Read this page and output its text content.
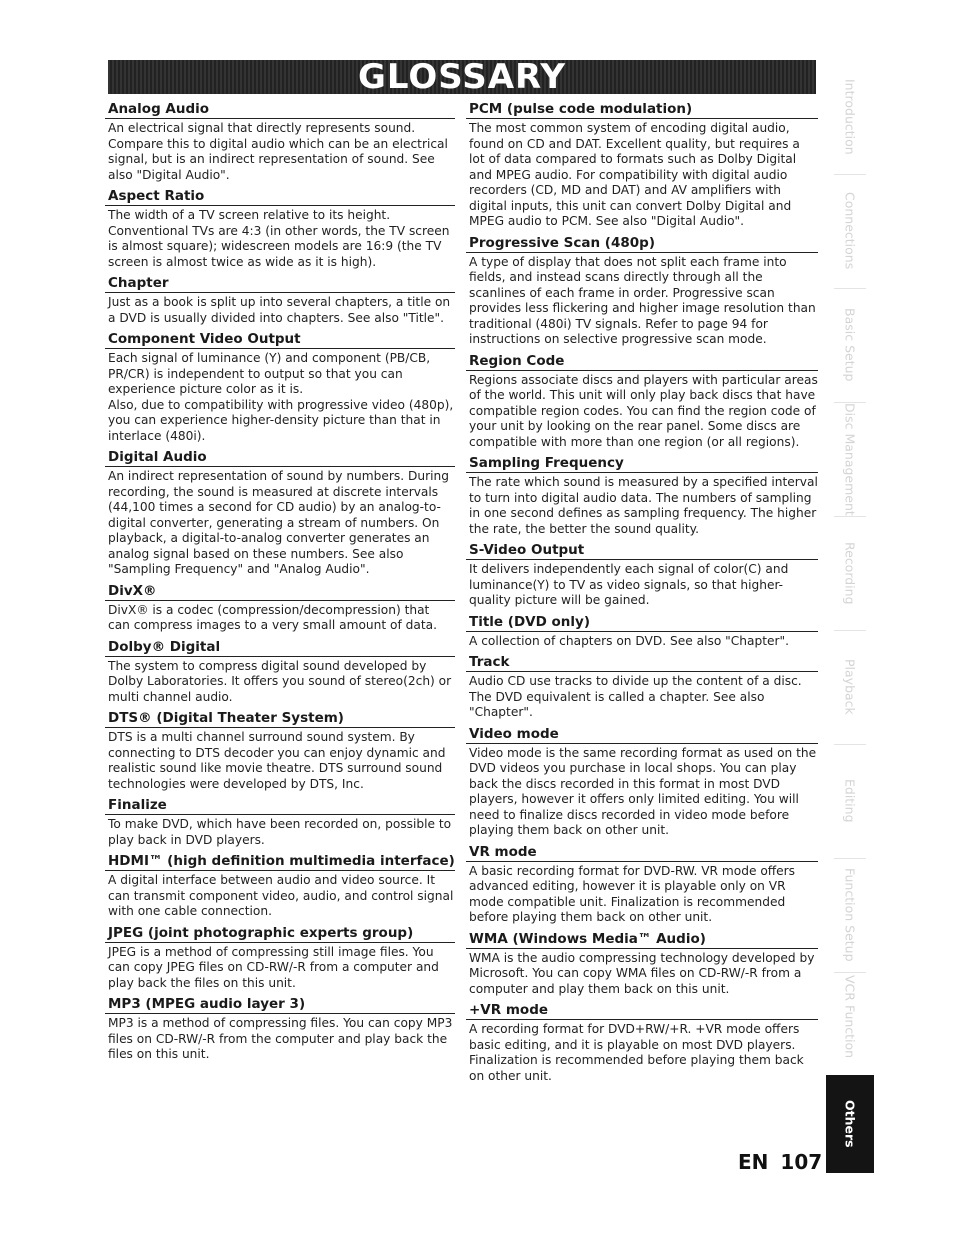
GLOSSARY
Analog Audio
An electrical signal that directly represents sound.
Compare this to digital audio which can be an electrical signal, but is an indirect representation of sound. See also "Digital Audio".
Aspect Ratio
The width of a TV screen relative to its height. Conventional TVs are 4:3 (in other words, the TV screen is almost square); widescreen models are 16:9 (the TV screen is almost twice as wide as it is high).
Chapter
Just as a book is split up into several chapters, a title on a DVD is usually divided into chapters. See also "Title".
Component Video Output
Each signal of luminance (Y) and component (PB/CB, PR/CR) is independent to output so that you can experience picture color as it is.
Also, due to compatibility with progressive video (480p), you can experience higher-density picture than that in interlace (480i).
Digital Audio
An indirect representation of sound by numbers. During recording, the sound is measured at discrete intervals (44,100 times a second for CD audio) by an analog-to-digital converter, generating a stream of numbers. On playback, a digital-to-analog converter generates an analog signal based on these numbers. See also "Sampling Frequency" and "Analog Audio".
DivX®
DivX® is a codec (compression/decompression) that can compress images to a very small amount of data.
Dolby® Digital
The system to compress digital sound developed by Dolby Laboratories. It offers you sound of stereo(2ch) or multi channel audio.
DTS® (Digital Theater System)
DTS is a multi channel surround sound system. By connecting to DTS decoder you can enjoy dynamic and realistic sound like movie theatre. DTS surround sound technologies were developed by DTS, Inc.
Finalize
To make DVD, which have been recorded on, possible to play back in DVD players.
HDMI™ (high definition multimedia interface)
A digital interface between audio and video source. It can transmit component video, audio, and control signal with one cable connection.
JPEG (joint photographic experts group)
JPEG is a method of compressing still image files. You can copy JPEG files on CD-RW/-R from a computer and play back the files on this unit.
MP3 (MPEG audio layer 3)
MP3 is a method of compressing files. You can copy MP3 files on CD-RW/-R from the computer and play back the files on this unit.
PCM (pulse code modulation)
The most common system of encoding digital audio, found on CD and DAT. Excellent quality, but requires a lot of data compared to formats such as Dolby Digital and MPEG audio. For compatibility with digital audio recorders (CD, MD and DAT) and AV amplifiers with digital inputs, this unit can convert Dolby Digital and MPEG audio to PCM. See also "Digital Audio".
Progressive Scan (480p)
A type of display that does not split each frame into fields, and instead scans directly through all the scanlines of each frame in order. Progressive scan provides less flickering and higher image resolution than traditional (480i) TV signals. Refer to page 94 for instructions on selective progressive scan mode.
Region Code
Regions associate discs and players with particular areas of the world. This unit will only play back discs that have compatible region codes. You can find the region code of your unit by looking on the rear panel. Some discs are compatible with more than one region (or all regions).
Sampling Frequency
The rate which sound is measured by a specified interval to turn into digital audio data. The numbers of sampling in one second defines as sampling frequency. The higher the rate, the better the sound quality.
S-Video Output
It delivers independently each signal of color(C) and luminance(Y) to TV as video signals, so that higher-quality picture will be gained.
Title (DVD only)
A collection of chapters on DVD. See also "Chapter".
Track
Audio CD use tracks to divide up the content of a disc. The DVD equivalent is called a chapter. See also "Chapter".
Video mode
Video mode is the same recording format as used on the DVD videos you purchase in local shops. You can play back the discs recorded in this format in most DVD players, however it offers only limited editing. You will need to finalize discs recorded in video mode before playing them back on other unit.
VR mode
A basic recording format for DVD-RW. VR mode offers advanced editing, however it is playable only on VR mode compatible unit. Finalization is recommended before playing them back on other unit.
WMA (Windows Media™ Audio)
WMA is the audio compressing technology developed by Microsoft. You can copy WMA files on CD-RW/-R from a computer and play them back on this unit.
+VR mode
A recording format for DVD+RW/+R. +VR mode offers basic editing, and it is playable on most DVD players. Finalization is recommended before playing them back on other unit.
Introduction
Connections
Basic Setup
Disc Management
Recording
Playback
Editing
Function Setup
VCR Function
Others
EN 107
